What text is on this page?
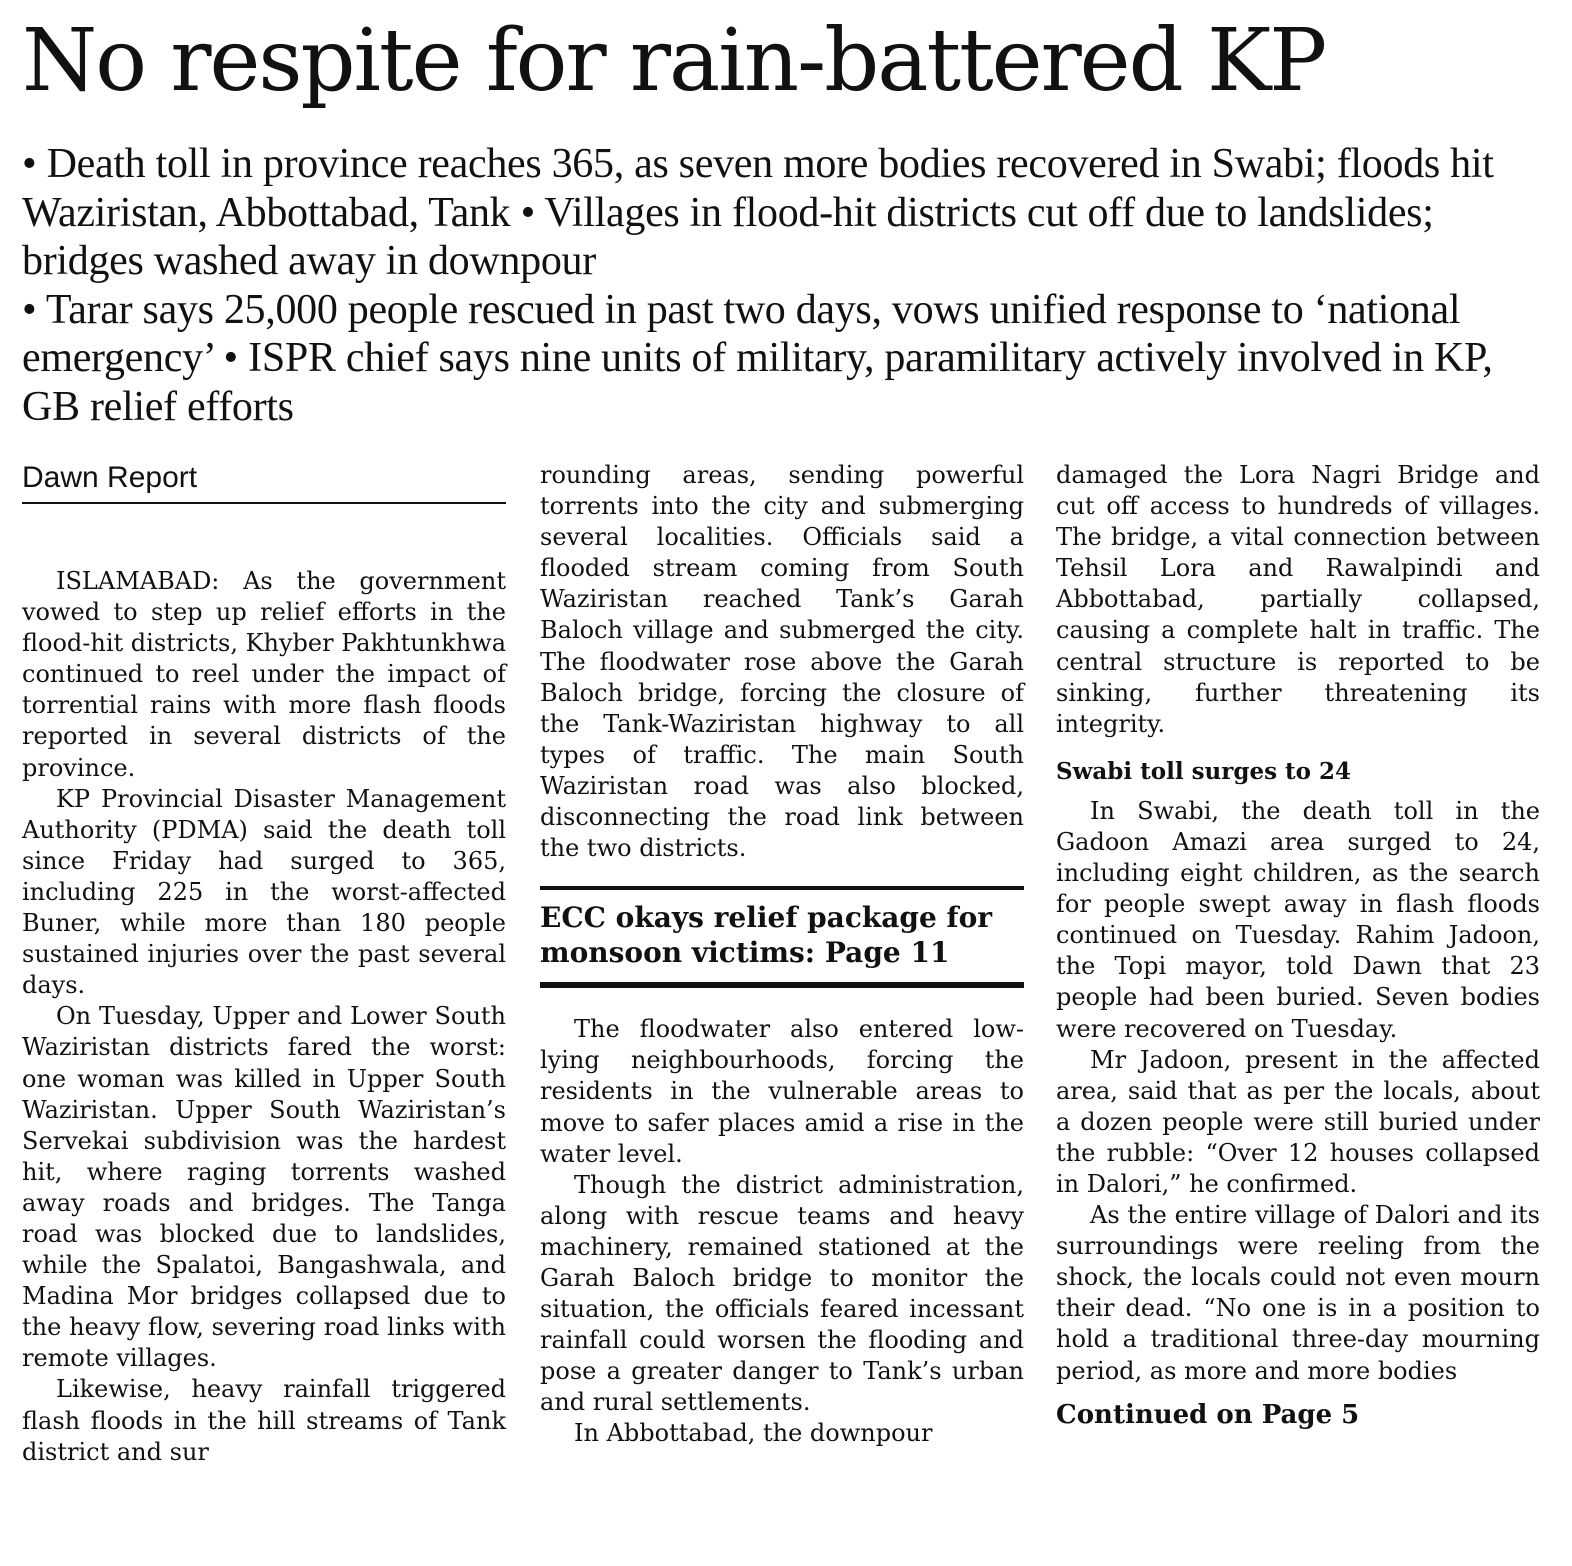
No respite for rain-battered KP

• Death toll in province reaches 365, as seven more bodies recovered in Swabi; floods hit Waziristan, Abbottabad, Tank • Villages in flood-hit districts cut off due to landslides; bridges washed away in downpour

• Tarar says 25,000 people rescued in past two days, vows unified response to ‘national emergency’ • ISPR chief says nine units of military, paramilitary actively involved in KP, GB relief efforts

Dawn Report

ISLAMABAD: As the government vowed to step up relief efforts in the flood-hit districts, Khyber Pakhtunkhwa continued to reel under the impact of torrential rains with more flash floods reported in several districts of the province.

KP Provincial Disaster Management Authority (PDMA) said the death toll since Friday had surged to 365, including 225 in the worst-affected Buner, while more than 180 people sustained injuries over the past several days.

On Tuesday, Upper and Lower South Waziristan districts fared the worst: one woman was killed in Upper South Waziristan. Upper South Waziristan’s Servekai subdivision was the hardest hit, where raging torrents washed away roads and bridges. The Tanga road was blocked due to landslides, while the Spalatoi, Bangashwala, and Madina Mor bridges collapsed due to the heavy flow, severing road links with remote villages.

Likewise, heavy rainfall triggered flash floods in the hill streams of Tank district and sur

rounding areas, sending powerful torrents into the city and submerging several localities. Officials said a flooded stream coming from South Waziristan reached Tank’s Garah Baloch village and submerged the city. The floodwater rose above the Garah Baloch bridge, forcing the closure of the Tank-Waziristan highway to all types of traffic. The main South Waziristan road was also blocked, disconnecting the road link between the two districts.

ECC okays relief package for monsoon victims: Page 11

The floodwater also entered low-lying neighbourhoods, forcing the residents in the vulnerable areas to move to safer places amid a rise in the water level.

Though the district administration, along with rescue teams and heavy machinery, remained stationed at the Garah Baloch bridge to monitor the situation, the officials feared incessant rainfall could worsen the flooding and pose a greater danger to Tank’s urban and rural settlements.

In Abbottabad, the downpour

damaged the Lora Nagri Bridge and cut off access to hundreds of villages. The bridge, a vital connection between Tehsil Lora and Rawalpindi and Abbottabad, partially collapsed, causing a complete halt in traffic. The central structure is reported to be sinking, further threatening its integrity.

Swabi toll surges to 24

In Swabi, the death toll in the Gadoon Amazi area surged to 24, including eight children, as the search for people swept away in flash floods continued on Tuesday. Rahim Jadoon, the Topi mayor, told Dawn that 23 people had been buried. Seven bodies were recovered on Tuesday.

Mr Jadoon, present in the affected area, said that as per the locals, about a dozen people were still buried under the rubble: “Over 12 houses collapsed in Dalori,” he confirmed.

As the entire village of Dalori and its surroundings were reeling from the shock, the locals could not even mourn their dead. “No one is in a position to hold a traditional three-day mourning period, as more and more bodies

Continued on Page 5
